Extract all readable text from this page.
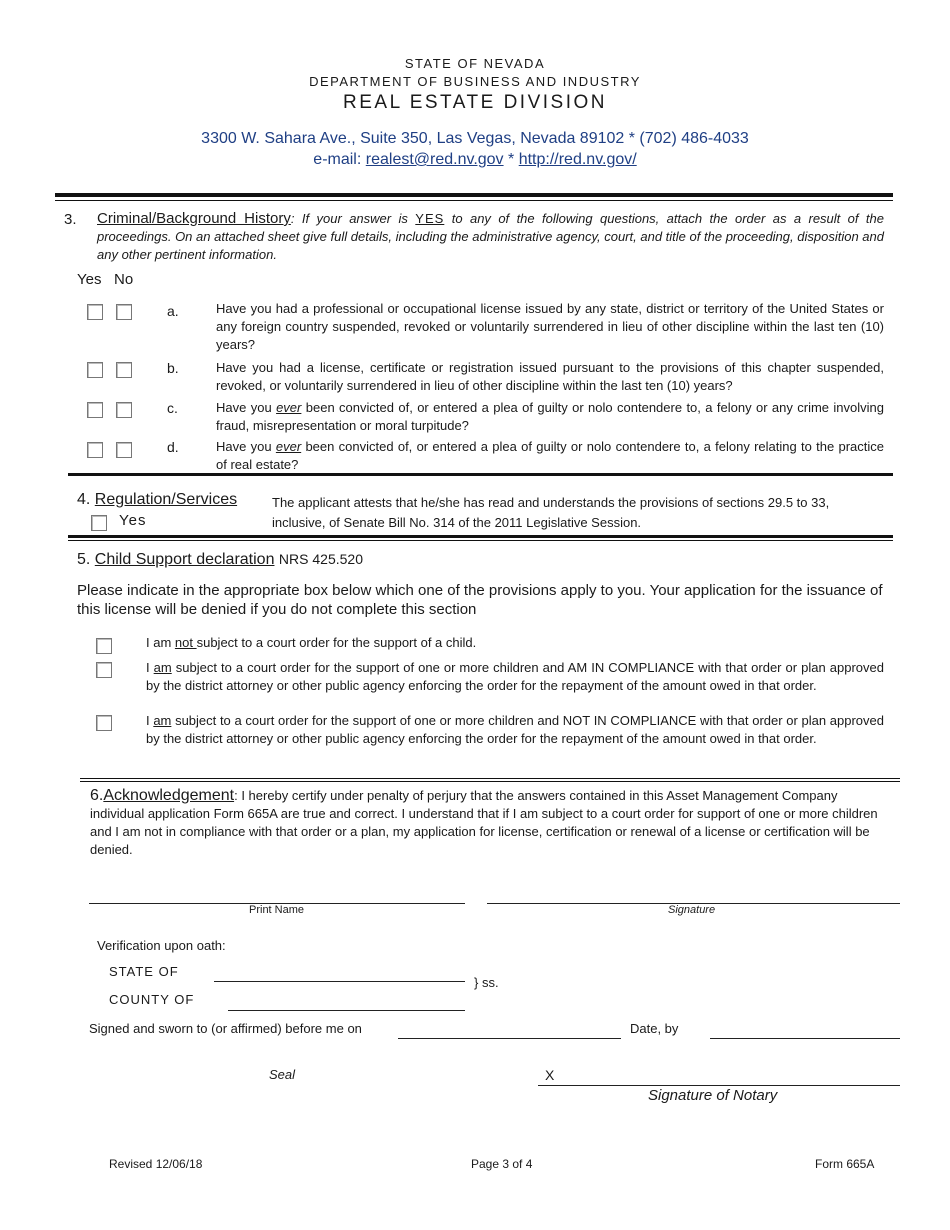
STATE OF NEVADA
DEPARTMENT OF BUSINESS AND INDUSTRY
REAL ESTATE DIVISION
3300 W. Sahara Ave., Suite 350, Las Vegas, Nevada 89102 * (702) 486-4033
e-mail: realest@red.nv.gov * http://red.nv.gov/
3. Criminal/Background History: If your answer is YES to any of the following questions, attach the order as a result of the proceedings. On an attached sheet give full details, including the administrative agency, court, and title of the proceeding, disposition and any other pertinent information.
Yes No
a.	Have you had a professional or occupational license issued by any state, district or territory of the United States or any foreign country suspended, revoked or voluntarily surrendered in lieu of other discipline within the last ten (10) years?
b.	Have you had a license, certificate or registration issued pursuant to the provisions of this chapter suspended, revoked, or voluntarily surrendered in lieu of other discipline within the last ten (10) years?
c.	Have you ever been convicted of, or entered a plea of guilty or nolo contendere to, a felony or any crime involving fraud, misrepresentation or moral turpitude?
d.	Have you ever been convicted of, or entered a plea of guilty or nolo contendere to, a felony relating to the practice of real estate?
4. Regulation/Services
Yes
The applicant attests that he/she has read and understands the provisions of sections 29.5 to 33, inclusive, of Senate Bill No. 314 of the 2011 Legislative Session.
5. Child Support declaration NRS 425.520
Please indicate in the appropriate box below which one of the provisions apply to you. Your application for the issuance of this license will be denied if you do not complete this section
I am not subject to a court order for the support of a child.
I am subject to a court order for the support of one or more children and AM IN COMPLIANCE with that order or plan approved by the district attorney or other public agency enforcing the order for the repayment of the amount owed in that order.
I am subject to a court order for the support of one or more children and NOT IN COMPLIANCE with that order or plan approved by the district attorney or other public agency enforcing the order for the repayment of the amount owed in that order.
6.Acknowledgement: I hereby certify under penalty of perjury that the answers contained in this Asset Management Company individual application Form 665A are true and correct. I understand that if I am subject to a court order for support of one or more children and I am not in compliance with that order or a plan, my application for license, certification or renewal of a license or certification will be denied.
Print Name	Signature
Verification upon oath:
STATE OF
} ss.
COUNTY OF
Signed and sworn to (or affirmed) before me on	Date, by
Seal	X
Signature of Notary
Revised 12/06/18	Page 3 of 4	Form 665A
